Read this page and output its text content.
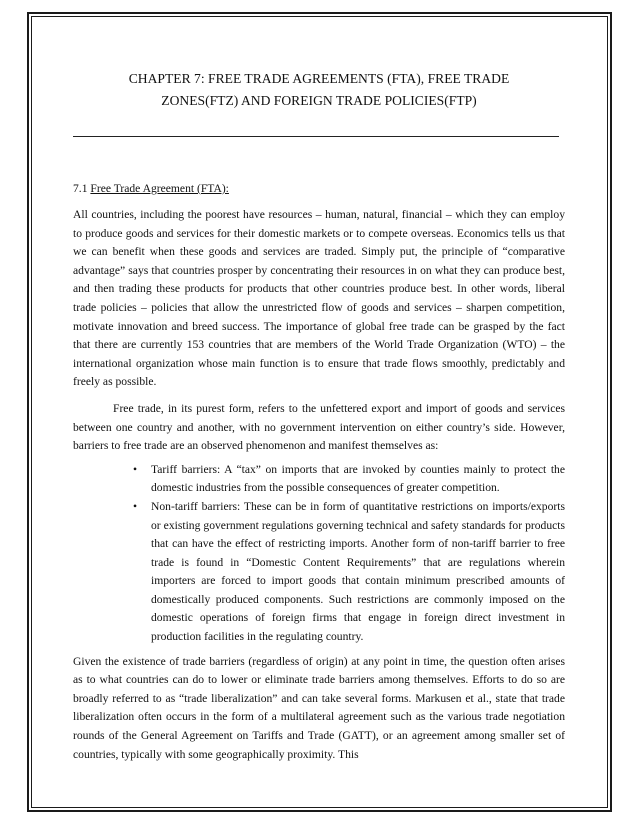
CHAPTER 7: FREE TRADE AGREEMENTS (FTA), FREE TRADE
ZONES(FTZ) AND FOREIGN TRADE POLICIES(FTP)
7.1 Free Trade Agreement (FTA):

All countries, including the poorest have resources – human, natural, financial – which they can employ to produce goods and services for their domestic markets or to compete overseas. Economics tells us that we can benefit when these goods and services are traded. Simply put, the principle of “comparative advantage” says that countries prosper by concentrating their resources in on what they can produce best, and then trading these products for products that other countries produce best. In other words, liberal trade policies – policies that allow the unrestricted flow of goods and services – sharpen competition, motivate innovation and breed success. The importance of global free trade can be grasped by the fact that there are currently 153 countries that are members of the World Trade Organization (WTO) – the international organization whose main function is to ensure that trade flows smoothly, predictably and freely as possible.

Free trade, in its purest form, refers to the unfettered export and import of goods and services between one country and another, with no government intervention on either country’s side. However, barriers to free trade are an observed phenomenon and manifest themselves as:

• Tariff barriers: A “tax” on imports that are invoked by counties mainly to protect the domestic industries from the possible consequences of greater competition.
• Non-tariff barriers: These can be in form of quantitative restrictions on imports/exports or existing government regulations governing technical and safety standards for products that can have the effect of restricting imports. Another form of non-tariff barrier to free trade is found in “Domestic Content Requirements” that are regulations wherein importers are forced to import goods that contain minimum prescribed amounts of domestically produced components. Such restrictions are commonly imposed on the domestic operations of foreign firms that engage in foreign direct investment in production facilities in the regulating country.

Given the existence of trade barriers (regardless of origin) at any point in time, the question often arises as to what countries can do to lower or eliminate trade barriers among themselves. Efforts to do so are broadly referred to as “trade liberalization” and can take several forms. Markusen et al., state that trade liberalization often occurs in the form of a multilateral agreement such as the various trade negotiation rounds of the General Agreement on Tariffs and Trade (GATT), or an agreement among smaller set of countries, typically with some geographically proximity. This
